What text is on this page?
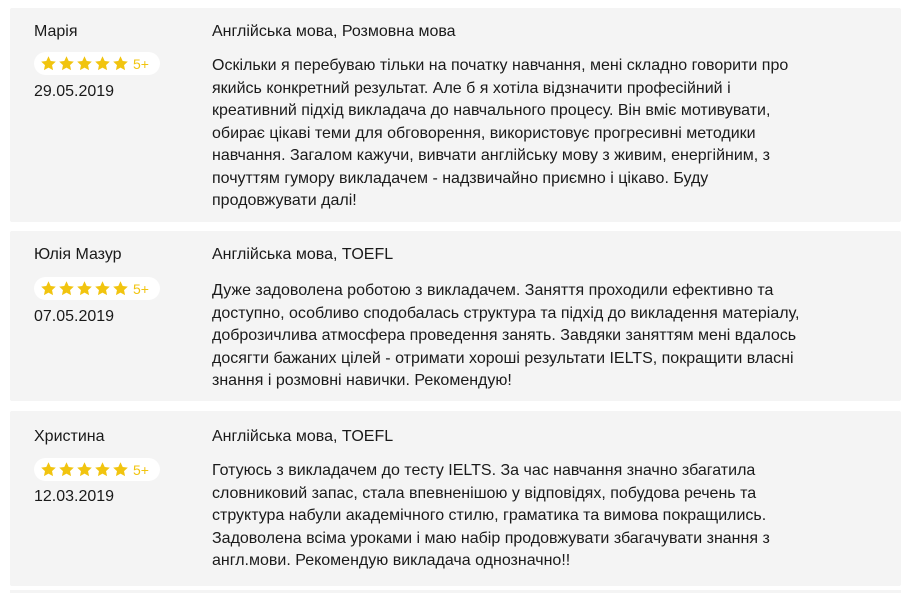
Марія
5+
29.05.2019
Англійська мова, Розмовна мова
Оскільки я перебуваю тільки на початку навчання, мені складно говорити про
якийсь конкретний результат. Але б я хотіла відзначити професійний і
креативний підхід викладача до навчального процесу. Він вміє мотивувати,
обирає цікаві теми для обговорення, використовує прогресивні методики
навчання. Загалом кажучи, вивчати англійську мову з живим, енергійним, з
почуттям гумору викладачем - надзвичайно приємно і цікаво. Буду
продовжувати далі!
Юлія Мазур
5+
07.05.2019
Англійська мова, TOEFL
Дуже задоволена роботою з викладачем. Заняття проходили ефективно та
доступно, особливо сподобалась структура та підхід до викладення матеріалу,
доброзичлива атмосфера проведення занять. Завдяки заняттям мені вдалось
досягти бажаних цілей - отримати хороші результати IELTS, покращити власні
знання і розмовні навички. Рекомендую!
Христина
5+
12.03.2019
Англійська мова, TOEFL
Готуюсь з викладачем до тесту IELTS. За час навчання значно збагатила
словниковий запас, стала впевненішою у відповідях, побудова речень та
структура набули академічного стилю, граматика та вимова покращились.
Задоволена всіма уроками і маю набір продовжувати збагачувати знання з
англ.мови. Рекомендую викладача однозначно!!
